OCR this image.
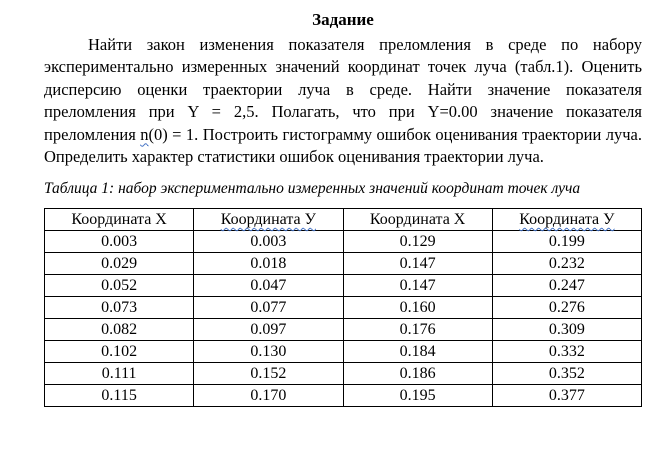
Задание

Найти закон изменения показателя преломления в среде по набору экспериментально измеренных значений координат точек луча (табл.1). Оценить дисперсию оценки траектории луча в среде. Найти значение показателя преломления при Y = 2,5. Полагать, что при Y=0.00 значение показателя преломления n(0) = 1. Построить гистограмму ошибок оценивания траектории луча. Определить характер статистики ошибок оценивания траектории луча.

Таблица 1: набор экспериментально измеренных значений координат точек луча

Координата X	Координата У	Координата X	Координата У
0.003	0.003	0.129	0.199
0.029	0.018	0.147	0.232
0.052	0.047	0.147	0.247
0.073	0.077	0.160	0.276
0.082	0.097	0.176	0.309
0.102	0.130	0.184	0.332
0.111	0.152	0.186	0.352
0.115	0.170	0.195	0.377
